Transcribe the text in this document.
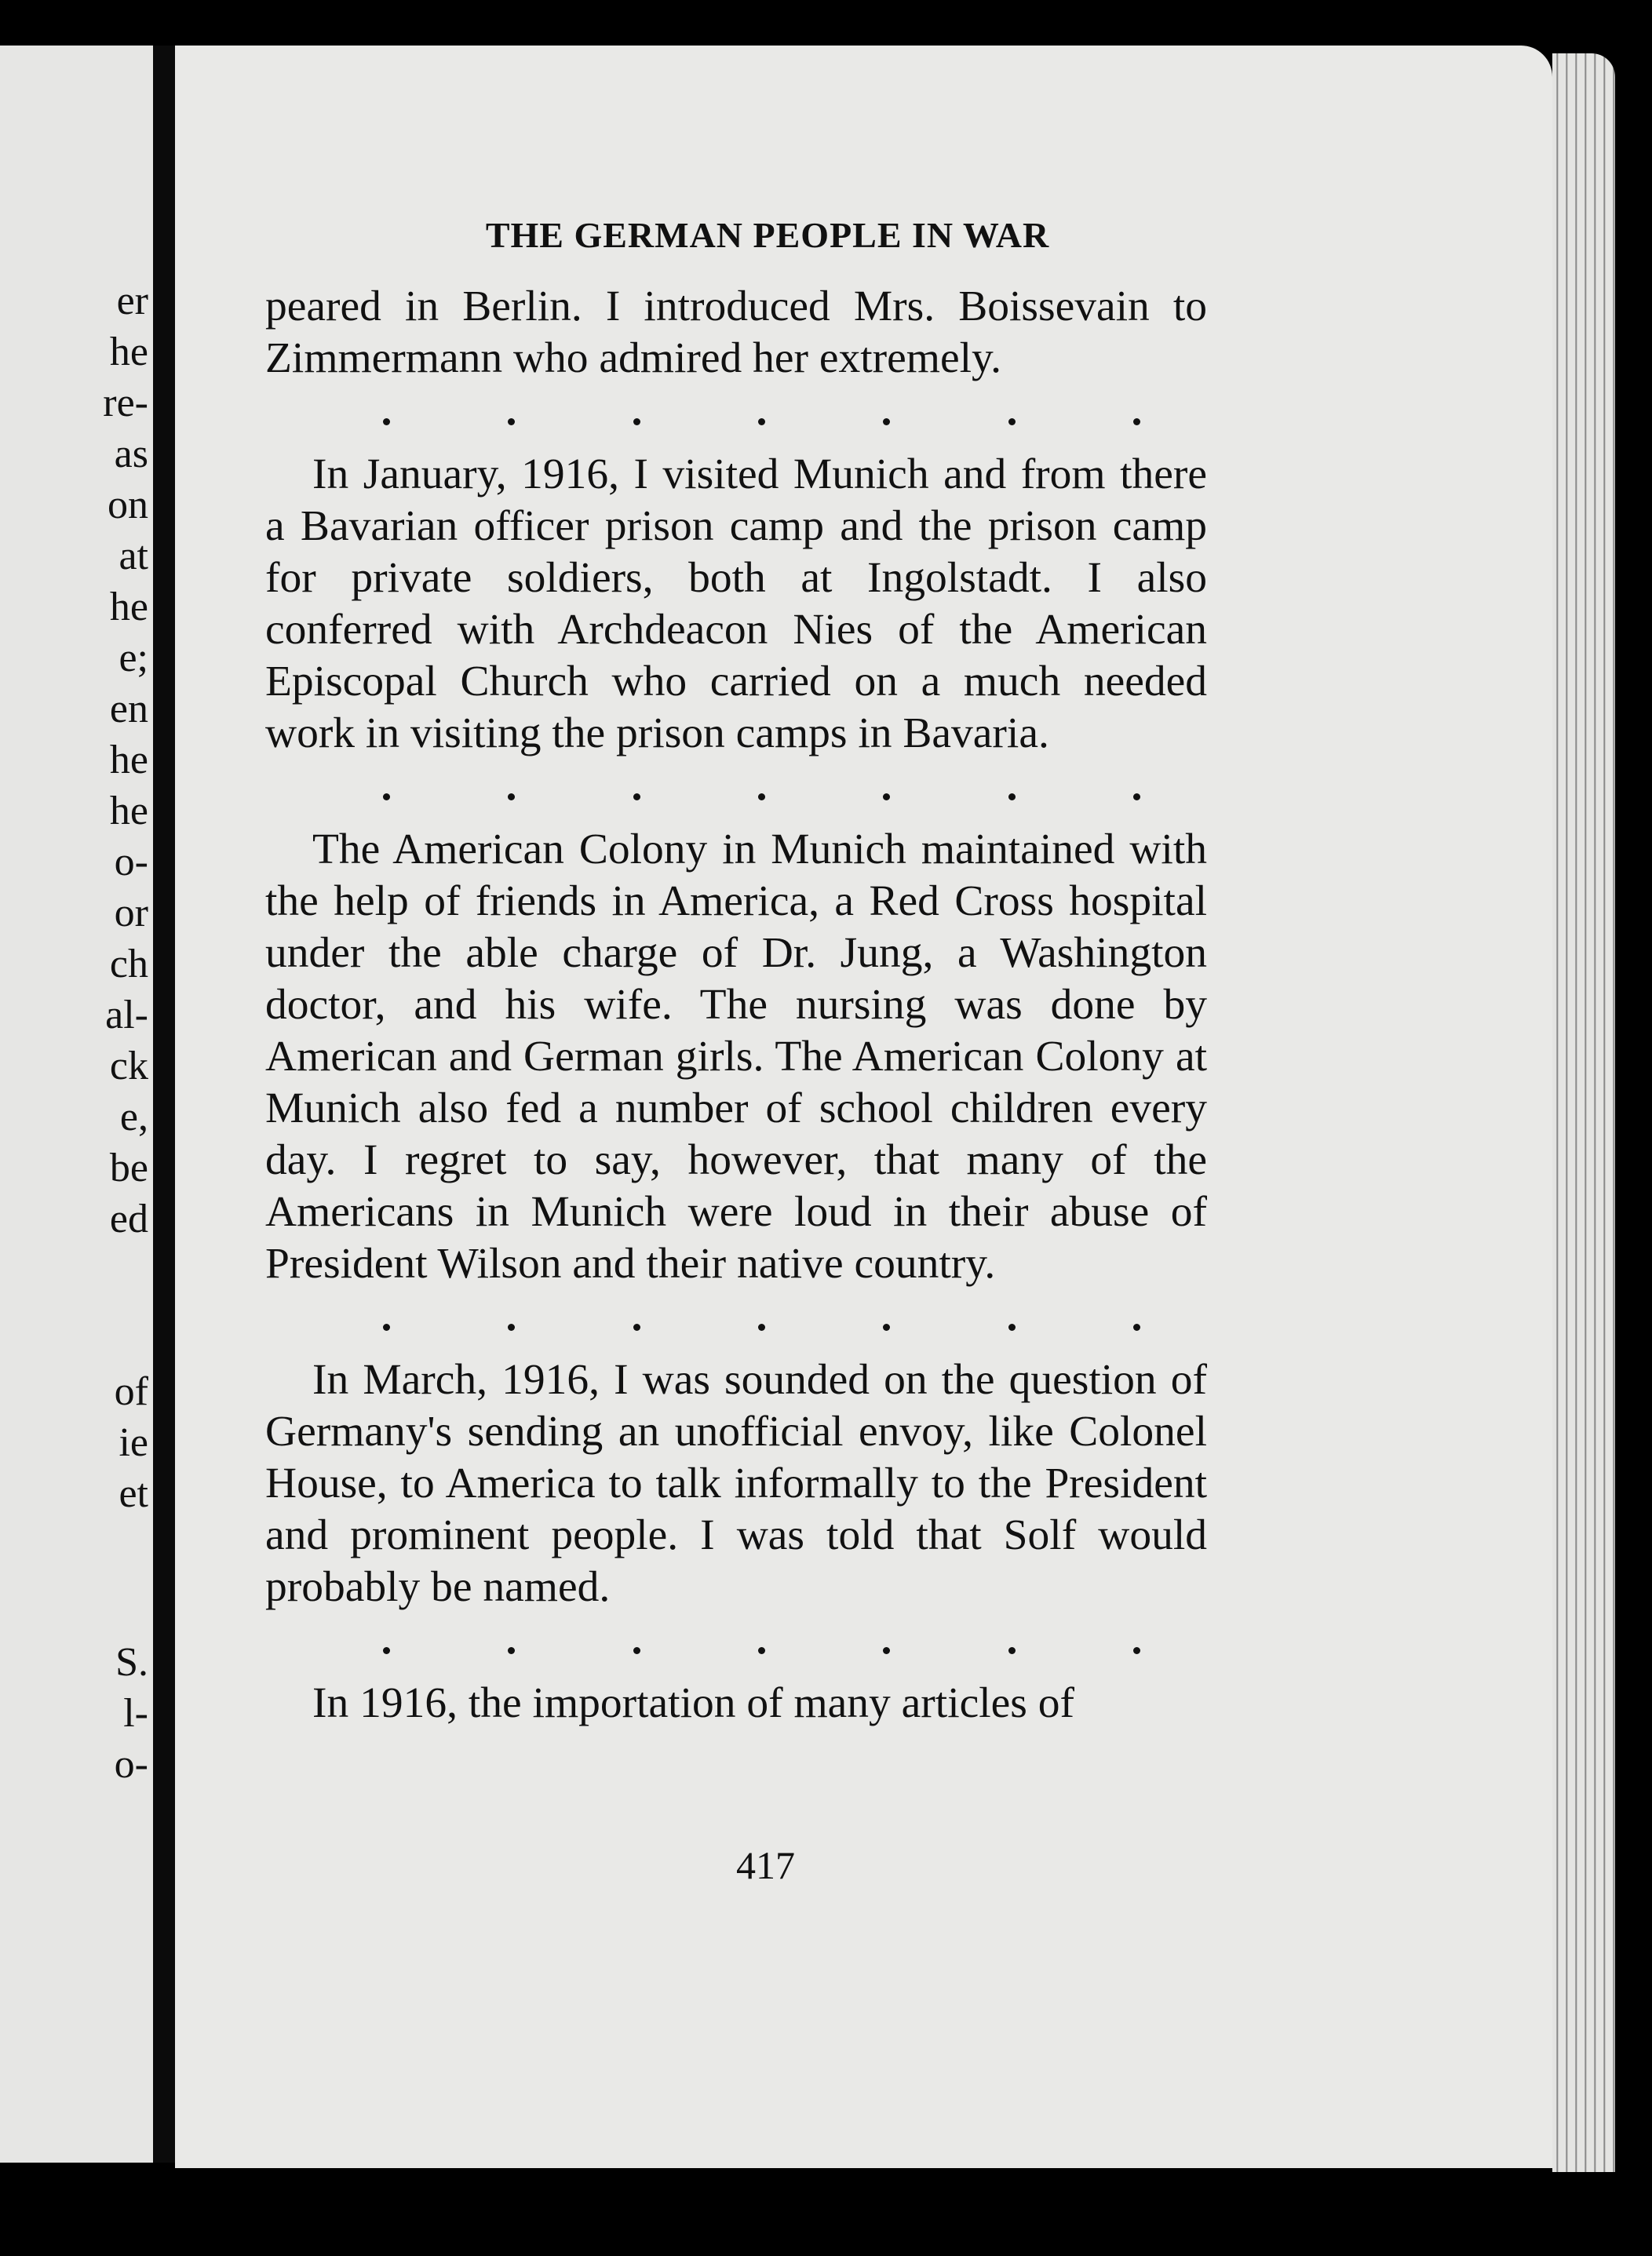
er
he
re-
as
on
at
he
e;
en
he
he
o-
or
ch
al-
ck
e,
be
ed
of
ie
et
S.
l-
o-
THE GERMAN PEOPLE IN WAR

peared in Berlin. I introduced Mrs. Boissevain to Zimmermann who admired her extremely.

In January, 1916, I visited Munich and from there a Bavarian officer prison camp and the prison camp for private soldiers, both at Ingolstadt. I also conferred with Archdeacon Nies of the American Episcopal Church who carried on a much needed work in visiting the prison camps in Bavaria.

The American Colony in Munich maintained with the help of friends in America, a Red Cross hospital under the able charge of Dr. Jung, a Washington doctor, and his wife. The nursing was done by American and German girls. The American Colony at Munich also fed a number of school children every day. I regret to say, however, that many of the Americans in Munich were loud in their abuse of President Wilson and their native country.

In March, 1916, I was sounded on the question of Germany's sending an unofficial envoy, like Colonel House, to America to talk informally to the President and prominent people. I was told that Solf would probably be named.

In 1916, the importation of many articles of

417
